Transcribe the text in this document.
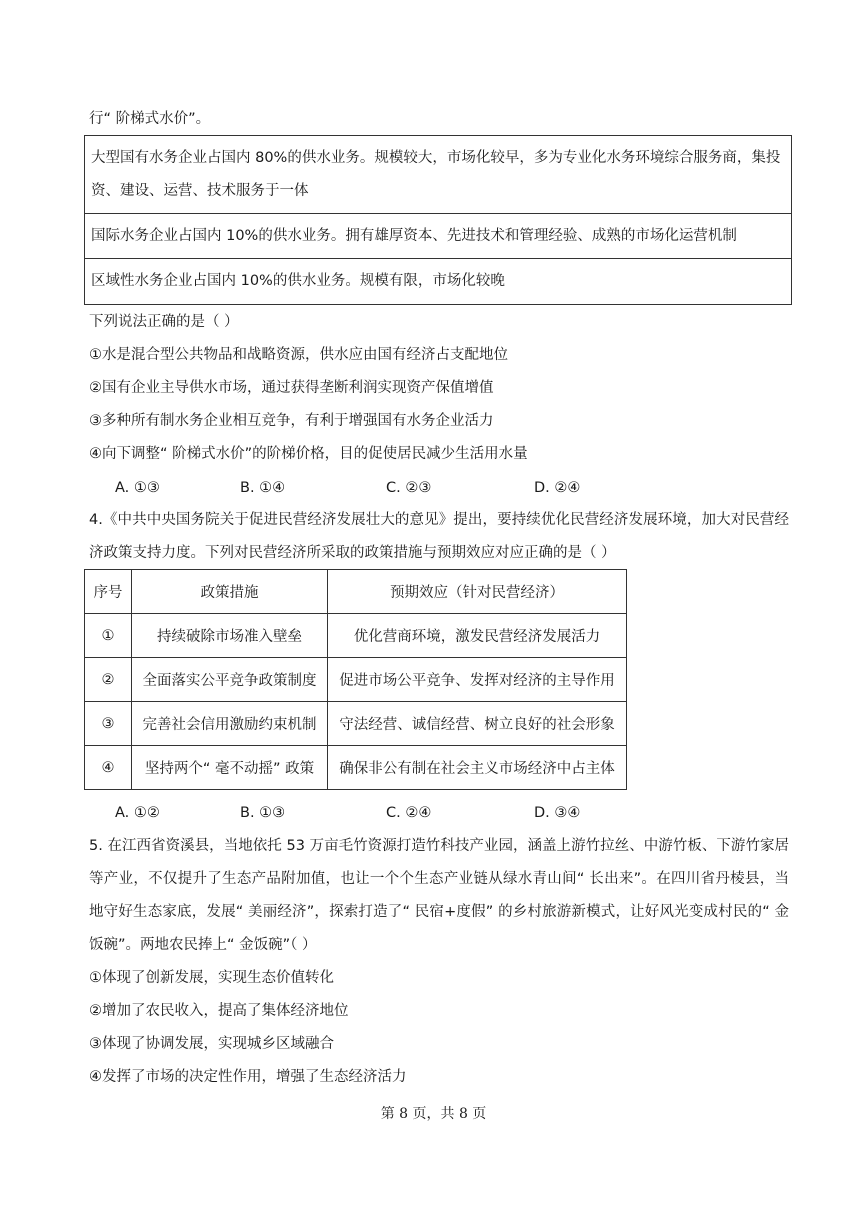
行“ 阶梯式水价”。
大型国有水务企业占国内 80%的供水业务。规模较大，市场化较早，多为专业化水务环境综合服务商，集投资、建设、运营、技术服务于一体
国际水务企业占国内 10%的供水业务。拥有雄厚资本、先进技术和管理经验、成熟的市场化运营机制
区域性水务企业占国内 10%的供水业务。规模有限，市场化较晚
下列说法正确的是（ ）
①水是混合型公共物品和战略资源，供水应由国有经济占支配地位
②国有企业主导供水市场，通过获得垄断利润实现资产保值增值
③多种所有制水务企业相互竞争，有利于增强国有水务企业活力
④向下调整“ 阶梯式水价”的阶梯价格，目的促使居民减少生活用水量
A. ①③	B. ①④	C. ②③	D. ②④
4.《中共中央国务院关于促进民营经济发展壮大的意见》提出，要持续优化民营经济发展环境，加大对民营经济政策支持力度。下列对民营经济所采取的政策措施与预期效应对应正确的是（ ）
序号	政策措施	预期效应（针对民营经济）
①	持续破除市场准入壁垒	优化营商环境，激发民营经济发展活力
②	全面落实公平竞争政策制度	促进市场公平竞争、发挥对经济的主导作用
③	完善社会信用激励约束机制	守法经营、诚信经营、树立良好的社会形象
④	坚持两个“ 毫不动摇” 政策	确保非公有制在社会主义市场经济中占主体
A. ①②	B. ①③	C. ②④	D. ③④
5. 在江西省资溪县，当地依托 53 万亩毛竹资源打造竹科技产业园，涵盖上游竹拉丝、中游竹板、下游竹家居等产业，不仅提升了生态产品附加值，也让一个个生态产业链从绿水青山间“ 长出来”。在四川省丹棱县，当地守好生态家底，发展“ 美丽经济”，探索打造了“ 民宿+度假” 的乡村旅游新模式，让好风光变成村民的“ 金饭碗”。两地农民捧上“ 金饭碗”（ ）
①体现了创新发展，实现生态价值转化
②增加了农民收入，提高了集体经济地位
③体现了协调发展，实现城乡区域融合
④发挥了市场的决定性作用，增强了生态经济活力
第 8 页，共 8 页
